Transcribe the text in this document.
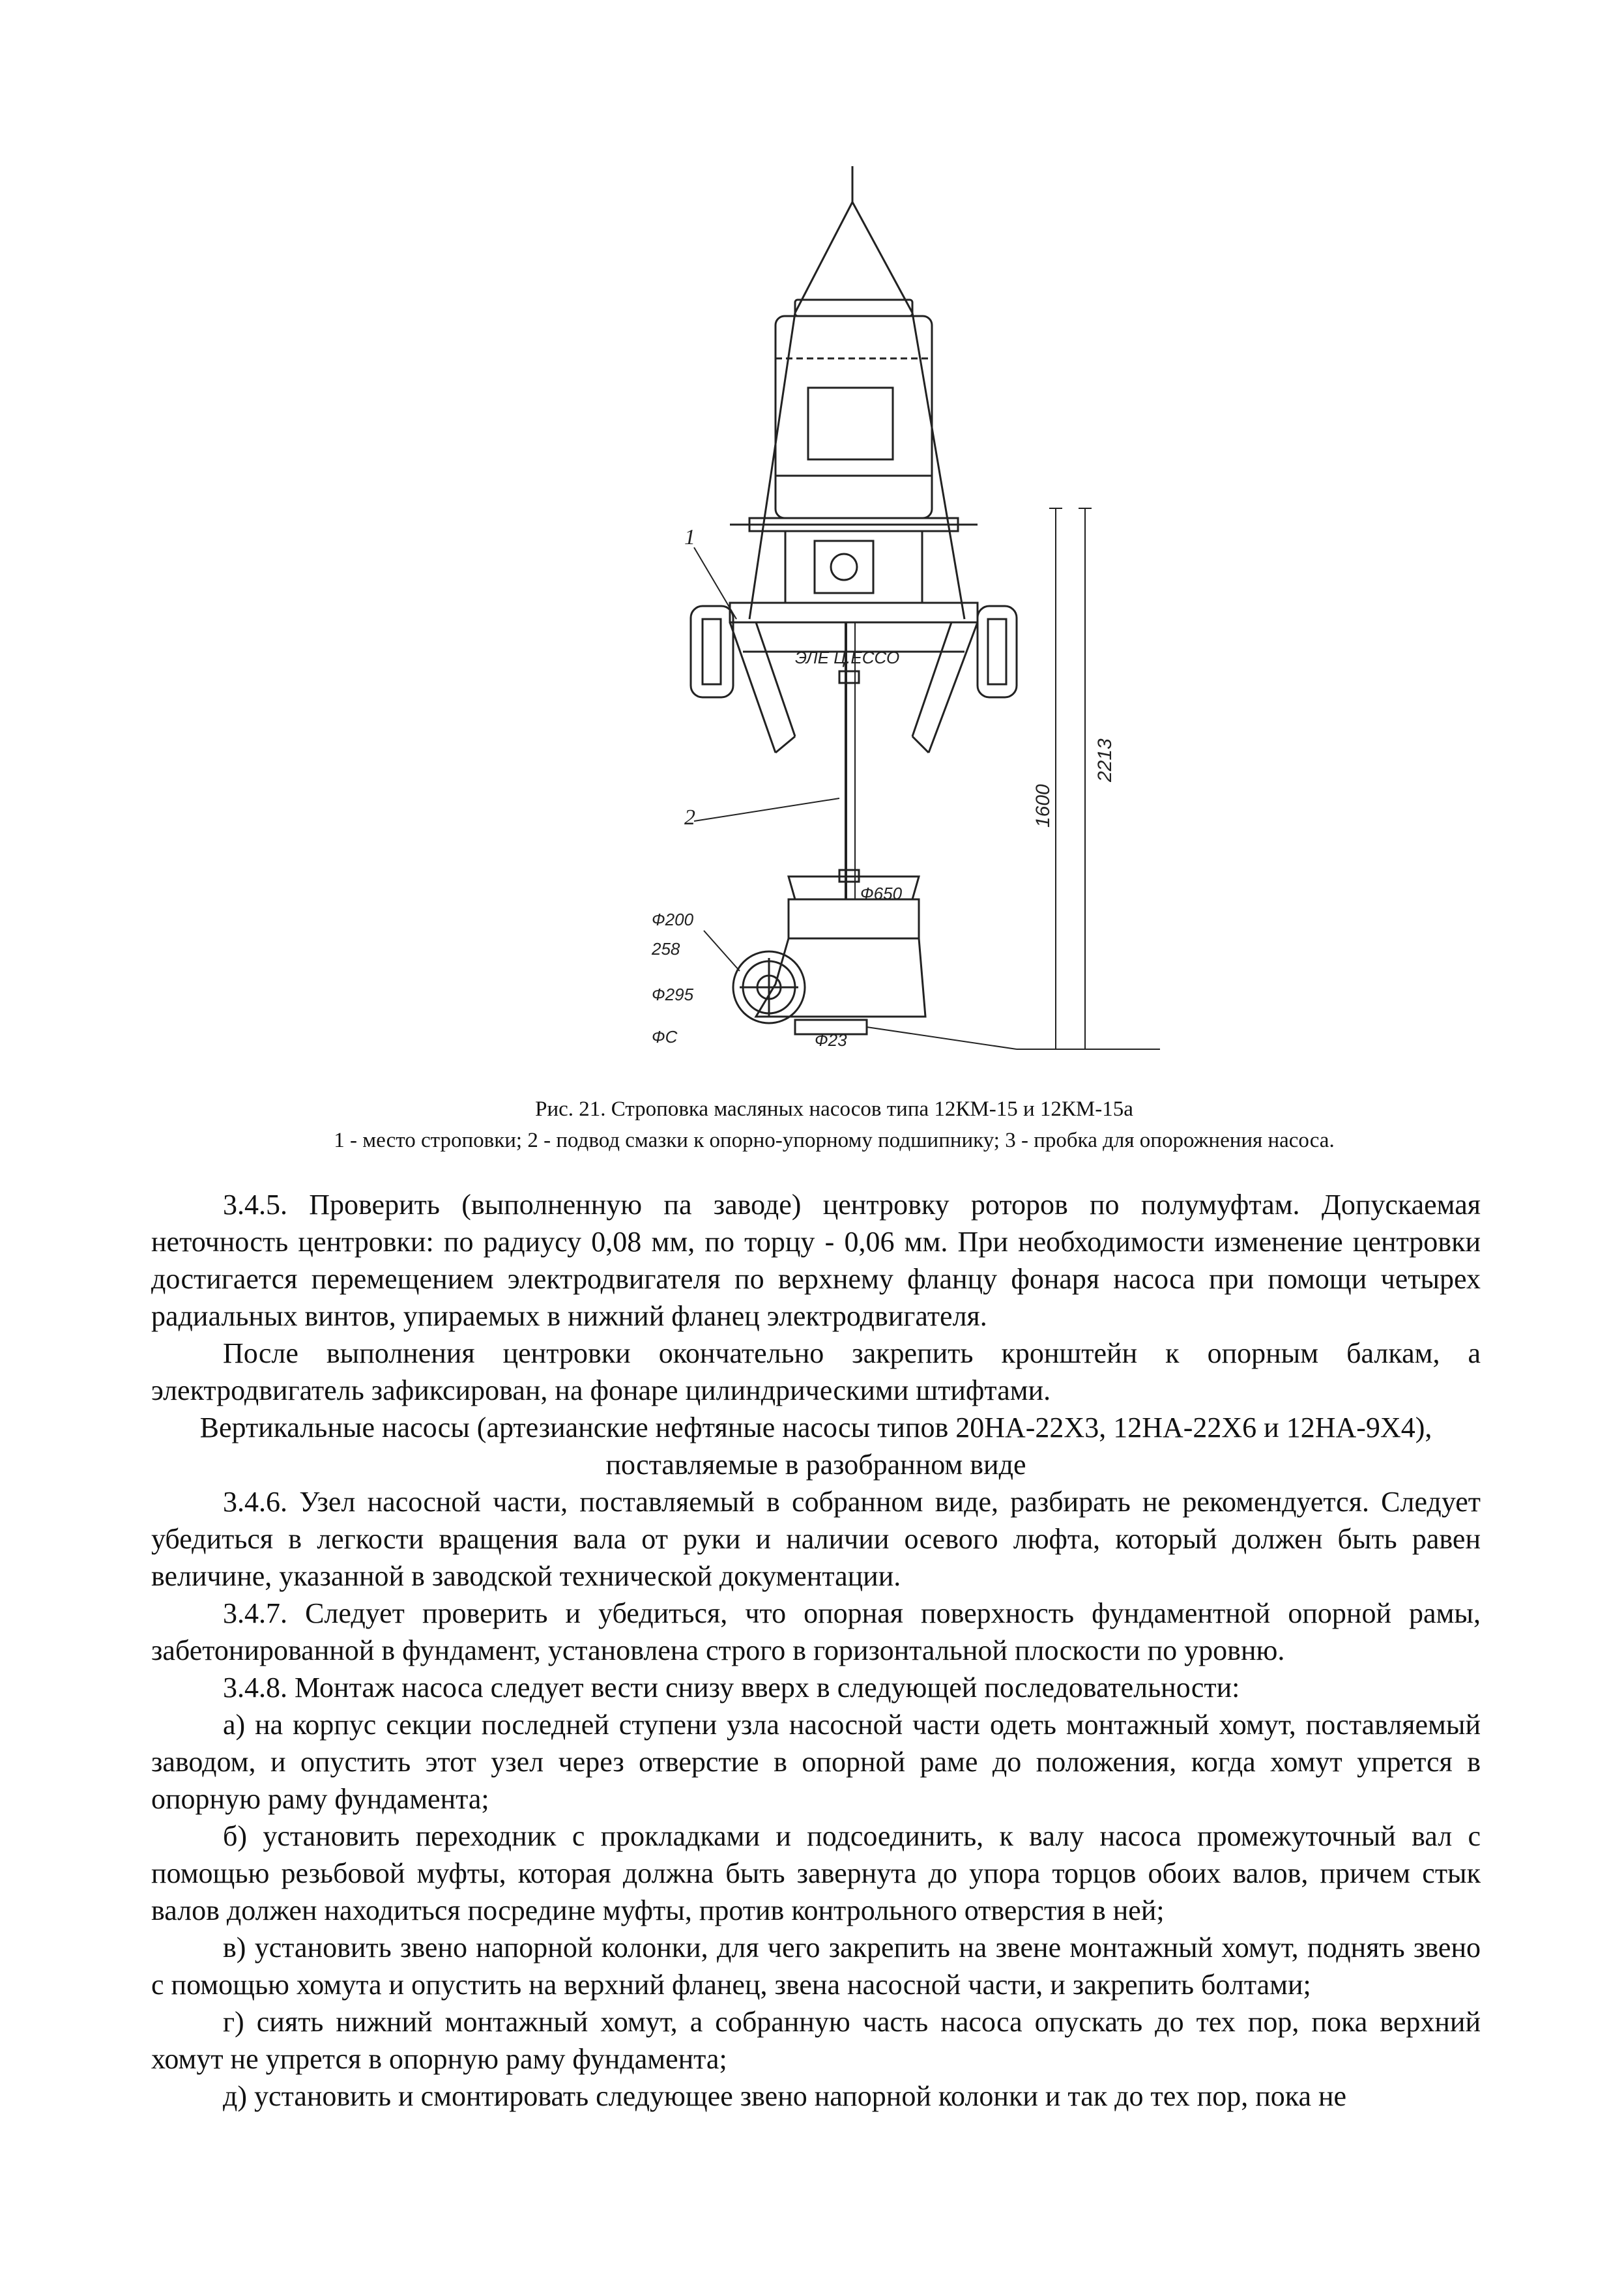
1
2
ЭЛЕ Ц.ЕССО
Ф650
Ф200
258
Ф295
ФС	Ф23
1600
2213
Рис. 21. Строповка масляных насосов типа 12КМ-15 и 12КМ-15а
1 - место строповки; 2 - подвод смазки к опорно-упорному подшипнику; 3 - пробка для опорожнения насоса.

3.4.5. Проверить (выполненную па заводе) центровку роторов по полумуфтам. Допускаемая неточность центровки: по радиусу 0,08 мм, по торцу - 0,06 мм. При необходимости изменение центровки достигается перемещением электродвигателя по верхнему фланцу фонаря насоса при помощи четырех радиальных винтов, упираемых в нижний фланец электродвигателя.

После выполнения центровки окончательно закрепить кронштейн к опорным балкам, а электродвигатель зафиксирован, на фонаре цилиндрическими штифтами.

Вертикальные насосы (артезианские нефтяные насосы типов 20НА-22Х3, 12НА-22Х6 и 12НА-9Х4), поставляемые в разобранном виде

3.4.6. Узел насосной части, поставляемый в собранном виде, разбирать не рекомендуется. Следует убедиться в легкости вращения вала от руки и наличии осевого люфта, который должен быть равен величине, указанной в заводской технической документации.

3.4.7. Следует проверить и убедиться, что опорная поверхность фундаментной опорной рамы, забетонированной в фундамент, установлена строго в горизонтальной плоскости по уровню.

3.4.8. Монтаж насоса следует вести снизу вверх в следующей последовательности:

а) на корпус секции последней ступени узла насосной части одеть монтажный хомут, поставляемый заводом, и опустить этот узел через отверстие в опорной раме до положения, когда хомут упрется в опорную раму фундамента;

б) установить переходник с прокладками и подсоединить, к валу насоса промежуточный вал с помощью резьбовой муфты, которая должна быть завернута до упора торцов обоих валов, причем стык валов должен находиться посредине муфты, против контрольного отверстия в ней;

в) установить звено напорной колонки, для чего закрепить на звене монтажный хомут, поднять звено с помощью хомута и опустить на верхний фланец, звена насосной части, и закрепить болтами;

г) сиять нижний монтажный хомут, а собранную часть насоса опускать до тех пор, пока верхний хомут не упрется в опорную раму фундамента;

д) установить и смонтировать следующее звено напорной колонки и так до тех пор, пока не
